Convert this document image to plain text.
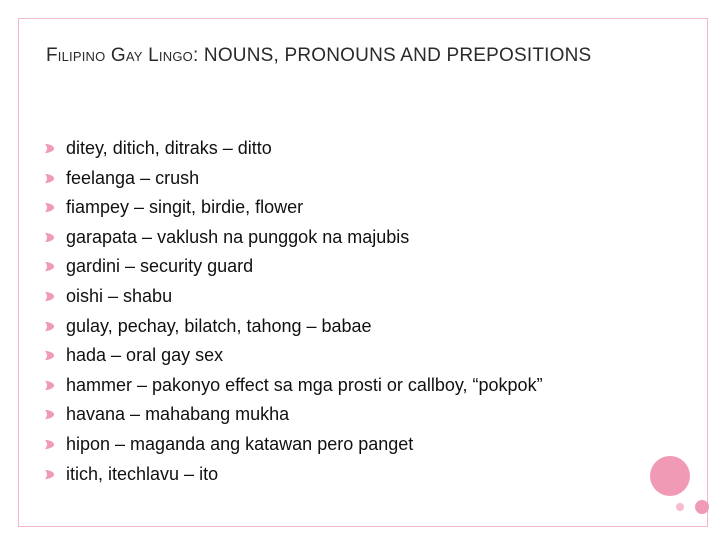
Filipino Gay Lingo: NOUNS, PRONOUNS AND PREPOSITIONS
ditey, ditich, ditraks – ditto
feelanga – crush
fiampey – singit, birdie, flower
garapata – vaklush na punggok na majubis
gardini – security guard
oishi – shabu
gulay, pechay, bilatch, tahong – babae
hada – oral gay sex
hammer – pakonyo effect sa mga prosti or callboy, “pokpok”
havana – mahabang mukha
hipon – maganda ang katawan pero panget
itich, itechlavu – ito
